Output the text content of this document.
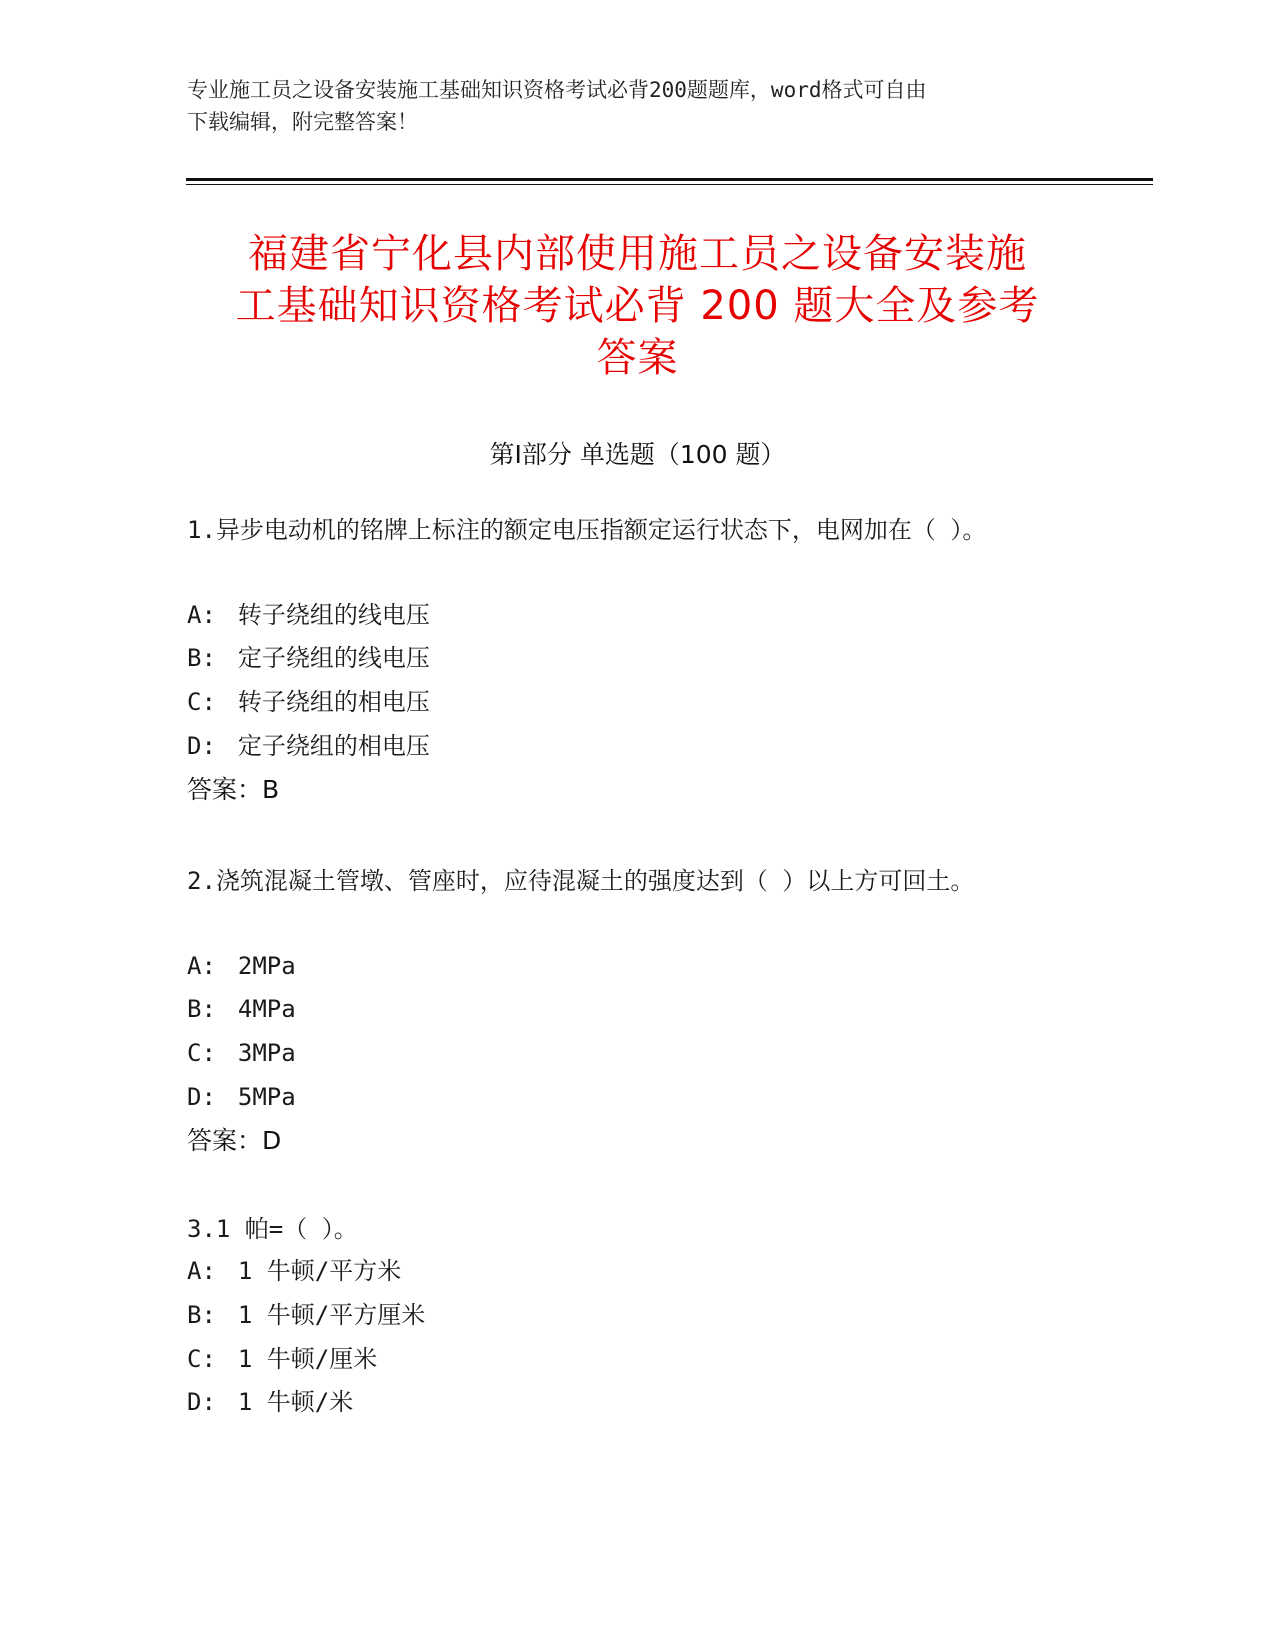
专业施工员之设备安装施工基础知识资格考试必背200题题库，word格式可自由
下载编辑，附完整答案！
福建省宁化县内部使用施工员之设备安装施
工基础知识资格考试必背 200 题大全及参考
答案
第Ⅰ部分 单选题（100 题）
1.异步电动机的铭牌上标注的额定电压指额定运行状态下，电网加在（ ）。
A: 转子绕组的线电压
B: 定子绕组的线电压
C: 转子绕组的相电压
D: 定子绕组的相电压
答案：B
2.浇筑混凝土管墩、管座时，应待混凝土的强度达到（ ）以上方可回土。
A: 2MPa
B: 4MPa
C: 3MPa
D: 5MPa
答案：D
3.1 帕=（ ）。
A: 1 牛顿/平方米
B: 1 牛顿/平方厘米
C: 1 牛顿/厘米
D: 1 牛顿/米
